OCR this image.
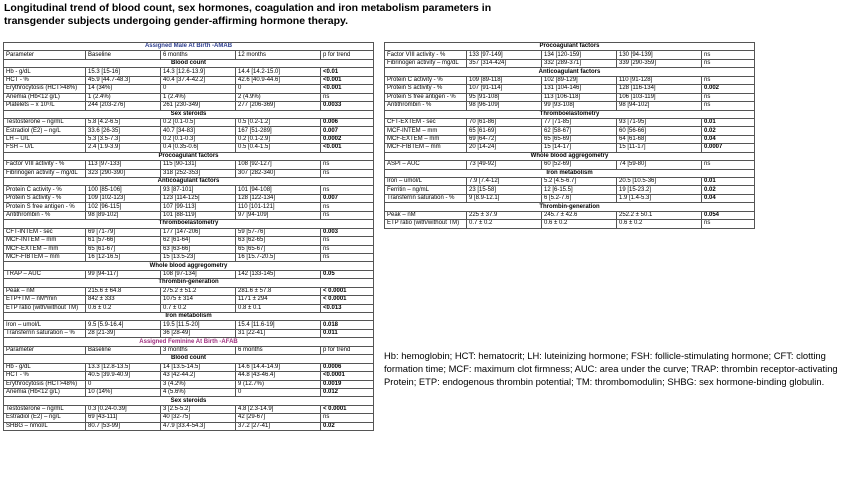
Longitudinal trend of blood count, sex hormones, coagulation and iron metabolism parameters in
transgender subjects undergoing gender-affirming hormone therapy.
Assigned Male At Birth -AMAB				
Parameter	Baseline	6 months	12 months	p for trend
Blood count				
Hb - g/dL	15.3 [15-16]	14.3 [12.6-13.9]	14.4 [14.2-15.0]	<0.01
HCT - %	45.9 [44.7-48.3]	40.4 [37.4-42.2]	42.6 [40.9-44.6]	<0.001
Erythrocytosis (HCT>48%)	14 (34%)	0	0	<0.001
Anemia (Hb<12 g/L)	1 (2.4%)	1 (2.4%)	2 (4.9%)	ns
Platelets – x 10⁹/L	244 [203-276]	261 [230-349]	277 [206-369]	0.0033
Sex steroids				
Testosterone – ng/mL	5.8 [4.2-6.5]	0.2 [0.1-0.5]	0.5 [0.2-1.2]	0.006
Estradiol (E2) – ng/L	33.6 [26-35]	40.7 [34-83]	167 [51-289]	0.007
LH – U/L	5.3 [3.5-7.3]	0.2 [0.1-0.3]	0.2 [0.1-2.9]	0.0002
FSH – U/L	2.4 [1.9-3.9]	0.4 [0.35-0.6]	0.5 [0.4-1.5]	<0.001
Procoagulant factors				
Factor VIII activity - %	113 [97-133]	115 [90-131]	108 [92-127]	ns
Fibrinogen activity – mg/dL	323 [290-390]	318 [252-353]	307 [282-340]	ns
Anticoagulant factors				
Protein C activity - %	100 [85-106]	93 [87-101]	101 [94-108]	ns
Protein S activity - %	109 [102-123]	123 [114-125]	128 [122-134]	0.007
Protein S free antigen - %	102 [96-115]	107 [99-113]	110 [101-121]	ns
Antithrombin - %	98 [89-102]	101 [88-119]	97 [94-109]	ns
Thromboelastometry				
CFT-INTEM - sec	69 [71-79]	177 [147-206]	59 [57-76]	0.003
MCF-INTEM – mm	61 [57-66]	62 [61-64]	63 [62-65]	ns
MCF-EXTEM – mm	65 [61-67]	63 [63-66]	65 [65-67]	ns
MCF-FIBTEM – mm	16 [12-16.5]	15 [13.5-23]	16 [15.7-20.5]	ns
Whole blood aggregometry				
TRAP – AUC	99 [94-117]	108 [97-134]	142 [133-145]	0.05
Thrombin-generation				
Peak – nM	215.6 ± 64.8	275.2 ± 51.2	281.6 ± 57.8	< 0.0001
ETP+TM – nM*min	842 ± 333	1075 ± 314	1171 ± 294	< 0.0001
ETP ratio (with/without TM)	0.6 ± 0.2	0.7 ± 0.2	0.8 ± 0.1	<0.013
Iron metabolism				
Iron – umol/L	9.5 [5.9-16.4]	19.5 [11.5-20]	15.4 [11.6-19]	0.018
Transferrin saturation – %	28 [21-39]	36 [28-49]	31 [22-41]	0.011
Assigned Feminine At Birth -AFAB				
Parameter	Baseline	3 months	6 months	p for trend
Blood count				
Hb - g/dL	13.3 [12.8-13.5]	14 [13.5-14.5]	14.6 [14.4-14.9]	0.0006
HCT - %	40.5 [39.9-40.9]	43 [42-44.2]	44.8 [43-46.4]	<0.0001
Erythrocytosis (HCT>48%)	0	3 (4.2%)	9 (12.7%)	0.0019
Anemia (Hb<12 g/L)	10 (14%)	4 (5.6%)	0	0.012
Sex steroids				
Testosterone – ng/mL	0.3 [0.24-0.39]	3 [2.5-5.2]	4.8 [2.3-14.9]	< 0.0001
Estradiol (E2) – ng/L	69 [43-111]	40 [32-75]	42 [29-67]	ns
SHBG – nmol/L	80.7 [53-99]	47.9 [33.4-54.3]	37.2 [27-41]	0.02
Procoagulant factors				
Factor VIII activity - %	133 [97-149]	134 [120-159]	130 [94-139]	ns
Fibrinogen activity – mg/dL	357 [314-424]	332 [289-371]	339 [290-359]	ns
Anticoagulant factors				
Protein C activity - %	109 [89-118]	102 [89-129]	110 [91-128]	ns
Protein S activity - %	107 [91-114]	131 [104-146]	128 [116-134]	0.002
Protein S free antigen - %	95 [91-108]	113 [106-118]	106 [103-119]	ns
Antithrombin - %	98 [96-109]	99 [93-108]	98 [94-102]	ns
Thromboelastometry				
CFT-EXTEM - sec	70 [61-86]	77 [71-85]	93 [71-95]	0.01
MCF-INTEM – mm	65 [61-69]	62 [58-67]	60 [56-66]	0.02
MCF-EXTEM – mm	69 [64-72]	65 [65-69]	64 [61-68]	0.04
MCF-FIBTEM – mm	20 [14-24]	15 [14-17]	15 [11-17]	0.0007
Whole blood aggregometry				
ASPI – AUC	73 [49-92]	60 [52-69]	74 [59-80]	ns
Iron metabolism				
Iron – umol/L	7.9 [7.4-12]	5.2 [4.5-6.7]	20.5 [10.5-36]	0.01
Ferritin – ng/mL	23 [15-58]	12 [6-15.5]	19 [15-23.2]	0.02
Transferrin saturation - %	9 [8.9-12.1]	6 [5.2-7.6]	1.9 [1.4-5.3]	0.04
Thrombin-generation				
Peak – nM	225 ± 37.9	245.7 ± 42.6	252.2 ± 50.1	0.054
ETP ratio (with/without TM)	0.7 ± 0.2	0.6 ± 0.2	0.6 ± 0.2	ns
Hb: hemoglobin; HCT: hematocrit; LH: luteinizing hormone; FSH: follicle-stimulating hormone; CFT: clotting formation time; MCF: maximum clot firmness; AUC: area under the curve; TRAP: thrombin receptor-activating Protein; ETP: endogenous thrombin potential; TM: thrombomodulin; SHBG: sex hormone-binding globulin.
